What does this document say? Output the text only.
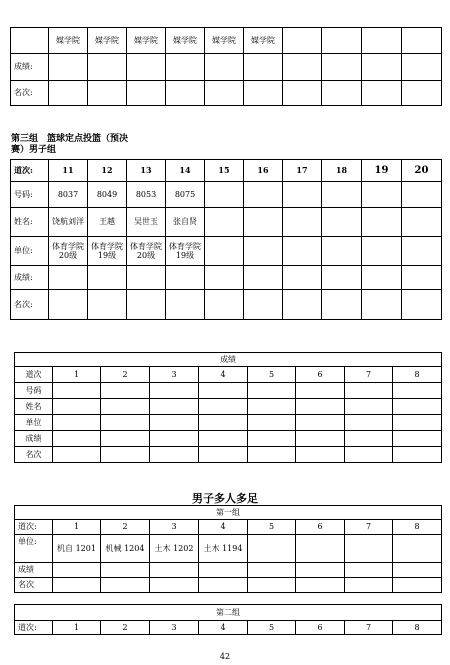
	媒学院	媒学院	媒学院	媒学院	媒学院	媒学院				
成绩:										
名次:										
第三组　篮球定点投篮（预决
赛）男子组
道次:	11	12	13	14	15	16	17	18	19	20
号码:	8037	8049	8053	8075						
姓名:	饶航刘洋	王越	吴世玉	张自贤						
单位:	体育学院20级	体育学院19级	体育学院20级	体育学院19级						
成绩:										
名次:										
成绩								
道次	1	2	3	4	5	6	7	8
号码								
姓名								
单位								
成绩								
名次								
男子多人多足
第一组								
道次:	1	2	3	4	5	6	7	8
单位:	机自 1201	机械 1204	土木 1202	土木 1194				
成绩								
名次								
第二组
道次:	1	2	3	4	5	6	7	8
42
